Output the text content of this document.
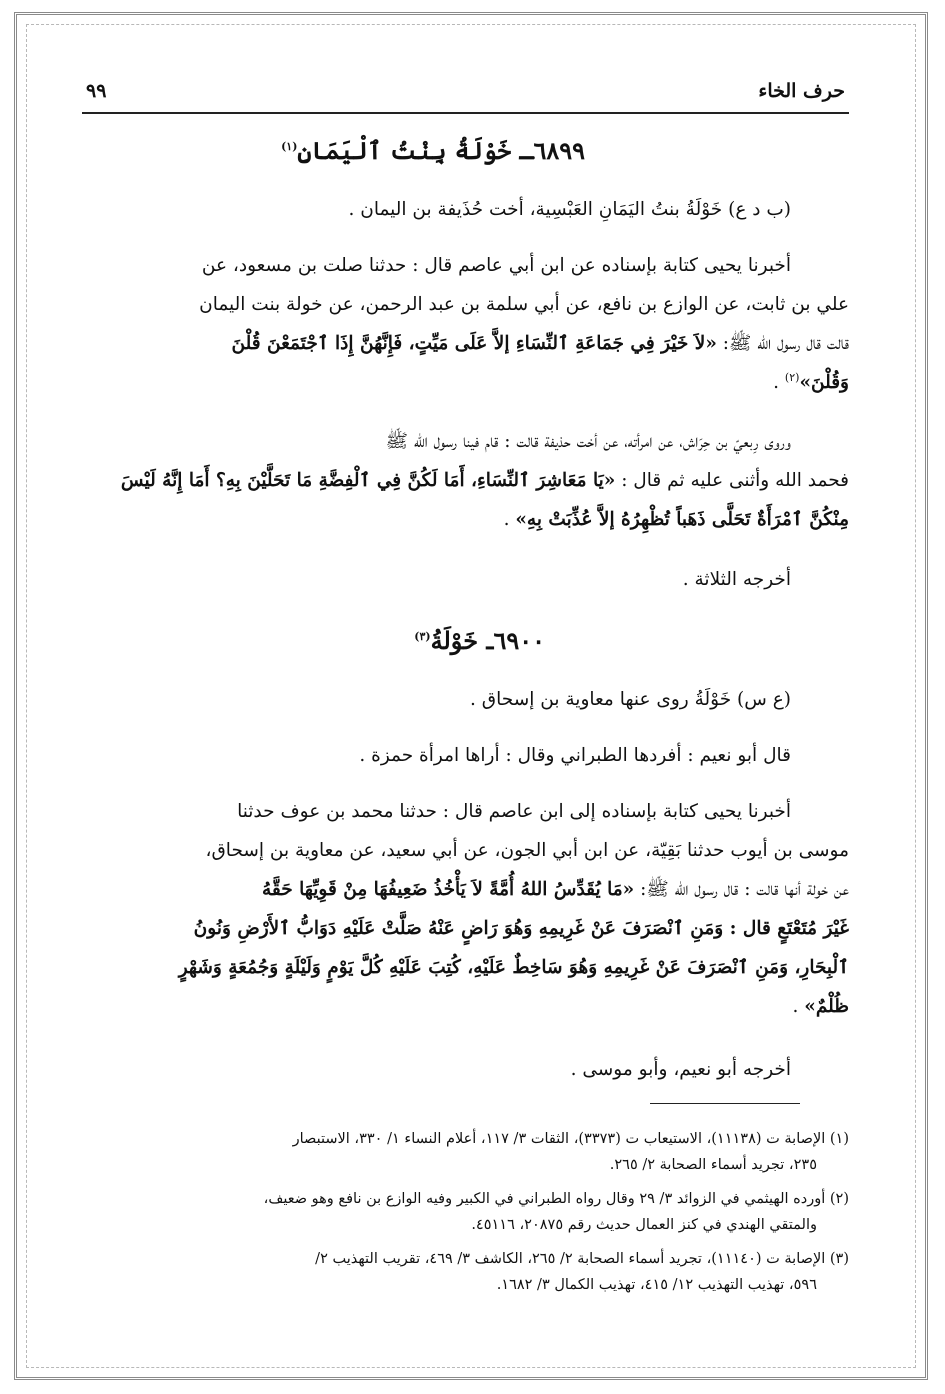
حرف الخاء
٩٩
٦٨٩٩ـ خَوْلَةُ بِنْتُ ٱلْيَمَانِ$^{(١)}$
(ب د ع) خَوْلَةُ بنتُ اليَمَانِ العَبْسِية، أخت حُذَيفة بن اليمان .
أخبرنا يحيى كتابة بإسناده عن ابن أبي عاصم قال : حدثنا صلت بن مسعود، عن
علي بن ثابت، عن الوازع بن نافع، عن أبي سلمة بن عبد الرحمن، عن خولة بنت اليمان
قالت قال رسول الله ﷺ: «لاَ خَيْرَ فِي جَمَاعَةِ ٱلنِّسَاءِ إلاَّ عَلَى مَيِّتٍ، فَإِنَّهُنَّ إِذَا ٱجْتَمَعْنَ قُلْنَ
وَقُلْنَ»$^{(٢)}$ .
وروى رِبعيّ بن حِرَاش، عن امرأته، عن أخت حذيفة قالت : قام فينا رسول الله ﷺ
فحمد الله وأثنى عليه ثم قال : «يَا مَعَاشِرَ ٱلنِّسَاءِ، أَمَا لَكُنَّ فِي ٱلْفِضَّةِ مَا تَحَلَّيْنَ بِهِ؟ أَمَا إِنَّهُ لَيْسَ
مِنْكُنَّ ٱمْرَأَةٌ تَحَلَّى ذَهَباً تُظْهِرُهُ إلاَّ عُذِّبَتْ بِهِ» .
أخرجه الثلاثة .
٦٩٠٠ـ خَوْلَةُ$^{(٣)}$
(ع س) خَوْلَةُ روى عنها معاوية بن إسحاق .
قال أبو نعيم : أفردها الطبراني وقال : أراها امرأة حمزة .
أخبرنا يحيى كتابة بإسناده إلى ابن عاصم قال : حدثنا محمد بن عوف حدثنا
موسى بن أيوب حدثنا بَقِيّة، عن ابن أبي الجون، عن أبي سعيد، عن معاوية بن إسحاق،
عن خولة أنها قالت : قال رسول الله ﷺ: «مَا يُقَدِّسُ اللهُ أُمَّةً لاَ يَأْخُذُ ضَعِيفُهَا مِنْ قَوِيِّهَا حَقَّهُ
غَيْرَ مُتَعْتَعٍ قال : وَمَنِ ٱنْصَرَفَ عَنْ غَرِيمِهِ وَهُوَ رَاضٍ عَنْهُ صَلَّتْ عَلَيْهِ دَوَابُّ ٱلأَرْضِ وَنُونُ
ٱلْبِحَارِ، وَمَنِ ٱنْصَرَفَ عَنْ غَرِيمِهِ وَهُوَ سَاخِطٌ عَلَيْهِ، كُتِبَ عَلَيْهِ كُلَّ يَوْمٍ وَلَيْلَةٍ وَجُمُعَةٍ وَشَهْرٍ
ظُلْمٌ» .
أخرجه أبو نعيم، وأبو موسى .
(١) الإصابة ت (١١١٣٨)، الاستيعاب ت (٣٣٧٣)، الثقات ٣/ ١١٧، أعلام النساء ١/ ٣٣٠، الاستبصار
٢٣٥، تجريد أسماء الصحابة ٢/ ٢٦٥.
(٢) أورده الهيثمي في الزوائد ٣/ ٢٩ وقال رواه الطبراني في الكبير وفيه الوازع بن نافع وهو ضعيف،
والمتقي الهندي في كنز العمال حديث رقم ٢٠٨٧٥، ٤٥١١٦.
(٣) الإصابة ت (١١١٤٠)، تجريد أسماء الصحابة ٢/ ٢٦٥، الكاشف ٣/ ٤٦٩، تقريب التهذيب ٢/
٥٩٦، تهذيب التهذيب ١٢/ ٤١٥، تهذيب الكمال ٣/ ١٦٨٢.
